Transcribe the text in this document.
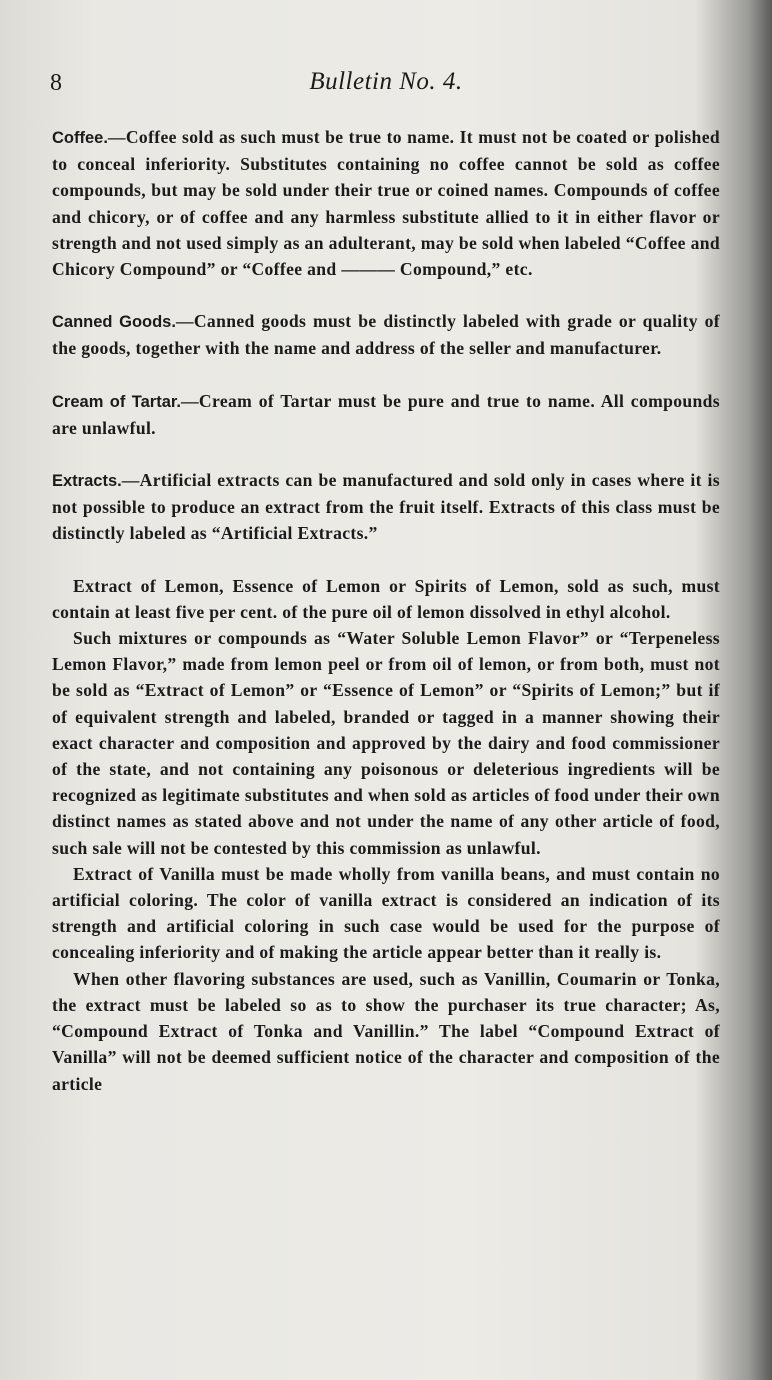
8	Bulletin No. 4.

Coffee.—Coffee sold as such must be true to name. It must not be coated or polished to conceal inferiority. Substitutes containing no coffee cannot be sold as coffee compounds, but may be sold under their true or coined names. Compounds of coffee and chicory, or of coffee and any harmless substitute allied to it in either flavor or strength and not used simply as an adulterant, may be sold when labeled “Coffee and Chicory Compound” or “Coffee and ——— Compound,” etc.

Canned Goods.—Canned goods must be distinctly labeled with grade or quality of the goods, together with the name and address of the seller and manufacturer.

Cream of Tartar.—Cream of Tartar must be pure and true to name. All compounds are unlawful.

Extracts.—Artificial extracts can be manufactured and sold only in cases where it is not possible to produce an extract from the fruit itself. Extracts of this class must be distinctly labeled as “Artificial Extracts.”

Extract of Lemon, Essence of Lemon or Spirits of Lemon, sold as such, must contain at least five per cent. of the pure oil of lemon dissolved in ethyl alcohol.

Such mixtures or compounds as “Water Soluble Lemon Flavor” or “Terpeneless Lemon Flavor,” made from lemon peel or from oil of lemon, or from both, must not be sold as “Extract of Lemon” or “Essence of Lemon” or “Spirits of Lemon;” but if of equivalent strength and labeled, branded or tagged in a manner showing their exact character and composition and approved by the dairy and food commissioner of the state, and not containing any poisonous or deleterious ingredients will be recognized as legitimate substitutes and when sold as articles of food under their own distinct names as stated above and not under the name of any other article of food, such sale will not be contested by this commission as unlawful.

Extract of Vanilla must be made wholly from vanilla beans, and must contain no artificial coloring. The color of vanilla extract is considered an indication of its strength and artificial coloring in such case would be used for the purpose of concealing inferiority and of making the article appear better than it really is.

When other flavoring substances are used, such as Vanillin, Coumarin or Tonka, the extract must be labeled so as to show the purchaser its true character; As, “Compound Extract of Tonka and Vanillin.” The label “Compound Extract of Vanilla” will not be deemed sufficient notice of the character and composition of the article
